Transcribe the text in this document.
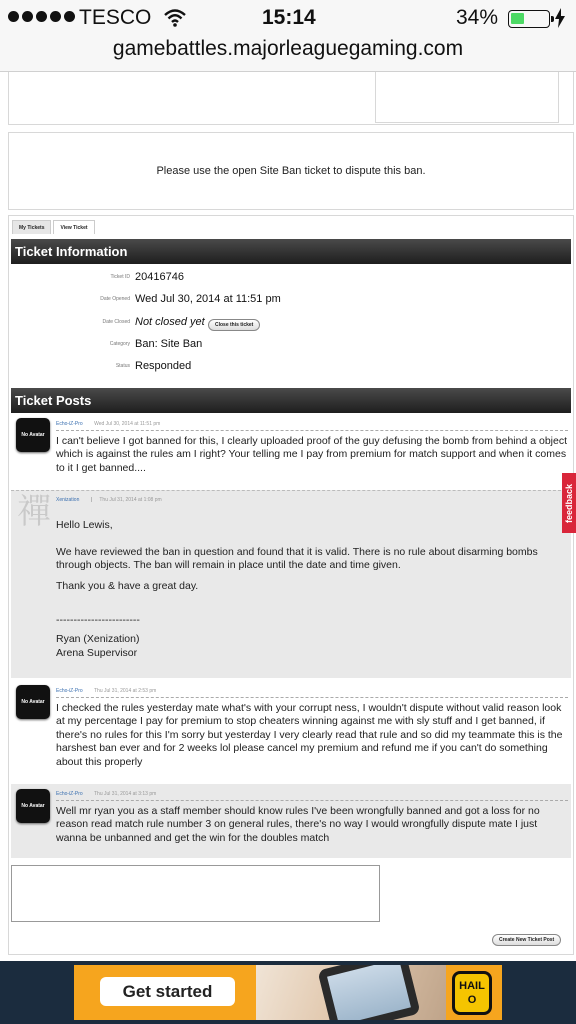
TESCO	15:14	34%
gamebattles.majorleaguegaming.com
Please use the open Site Ban ticket to dispute this ban.
My Tickets	View Ticket
Ticket Information
Ticket ID 20416746
Date Opened Wed Jul 30, 2014 at 11:51 pm
Date Closed Not closed yet	Close this ticket
Category Ban: Site Ban
Status Responded
Ticket Posts
No Avatar
Echo-iZ-Pro Wed Jul 30, 2014 at 11:51 pm
I can't believe I got banned for this, I clearly uploaded proof of the guy defusing the bomb from behind a object which is against the rules am I right? Your telling me I pay from premium for match support and when it comes to it I get banned....
禪	Xenization | Thu Jul 31, 2014 at 1:08 pm
Hello Lewis,
We have reviewed the ban in question and found that it is valid. There is no rule about disarming bombs through objects. The ban will remain in place until the date and time given.
Thank you & have a great day.
------------------------
Ryan (Xenization)
Arena Supervisor
No Avatar
Echo-iZ-Pro Thu Jul 31, 2014 at 2:53 pm
I checked the rules yesterday mate what's with your corrupt ness, I wouldn't dispute without valid reason look at my percentage I pay for premium to stop cheaters winning against me with sly stuff and I get banned, if there's no rules for this I'm sorry but yesterday I very clearly read that rule and so did my teammate this is the harshest ban ever and for 2 weeks lol please cancel my premium and refund me if you can't do something about this properly
No Avatar
Echo-iZ-Pro Thu Jul 31, 2014 at 3:13 pm
Well mr ryan you as a staff member should know rules I've been wrongfully banned and got a loss for no reason read match rule number 3 on general rules, there's no way I would wrongfully dispute mate I just wanna be unbanned and get the win for the doubles match
Create New Ticket Post
feedback
Get started	HAIL O
